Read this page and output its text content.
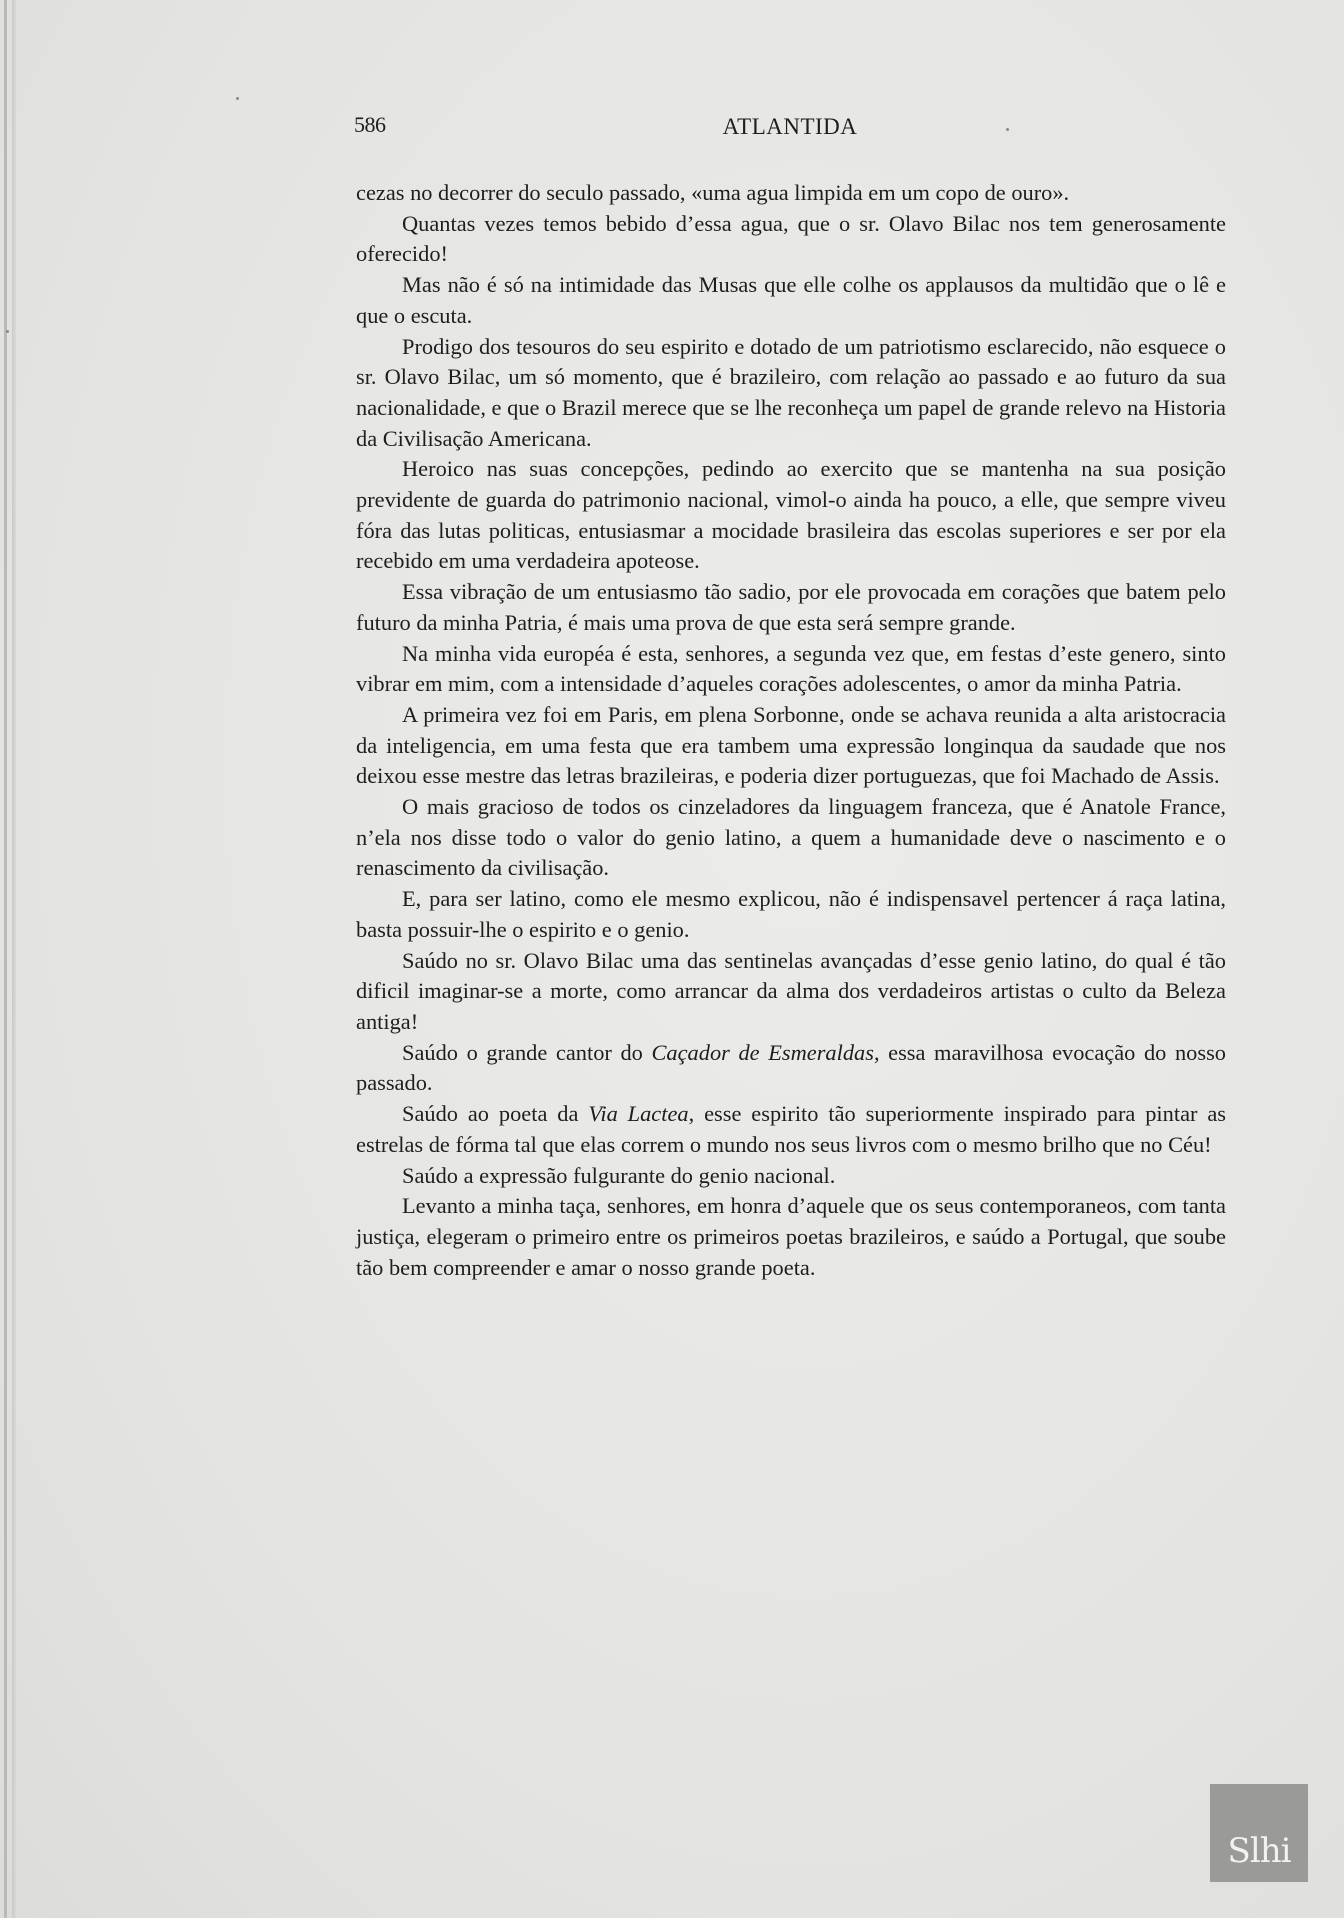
586	ATLANTIDA

cezas no decorrer do seculo passado, «uma agua limpida em um copo de ouro».

Quantas vezes temos bebido d’essa agua, que o sr. Olavo Bilac nos tem generosamente oferecido!

Mas não é só na intimidade das Musas que elle colhe os applausos da multidão que o lê e que o escuta.

Prodigo dos tesouros do seu espirito e dotado de um patriotismo esclarecido, não esquece o sr. Olavo Bilac, um só momento, que é brazileiro, com relação ao passado e ao futuro da sua nacionalidade, e que o Brazil merece que se lhe reconheça um papel de grande relevo na Historia da Civilisação Americana.

Heroico nas suas concepções, pedindo ao exercito que se mantenha na sua posição previdente de guarda do patrimonio nacional, vimol-o ainda ha pouco, a elle, que sempre viveu fóra das lutas politicas, entusiasmar a mocidade brasileira das escolas superiores e ser por ela recebido em uma verdadeira apoteose.

Essa vibração de um entusiasmo tão sadio, por ele provocada em corações que batem pelo futuro da minha Patria, é mais uma prova de que esta será sempre grande.

Na minha vida européa é esta, senhores, a segunda vez que, em festas d’este genero, sinto vibrar em mim, com a intensidade d’aqueles corações adolescentes, o amor da minha Patria.

A primeira vez foi em Paris, em plena Sorbonne, onde se achava reunida a alta aristocracia da inteligencia, em uma festa que era tambem uma expressão longinqua da saudade que nos deixou esse mestre das letras brazileiras, e poderia dizer portuguezas, que foi Machado de Assis.

O mais gracioso de todos os cinzeladores da linguagem franceza, que é Anatole France, n’ela nos disse todo o valor do genio latino, a quem a humanidade deve o nascimento e o renascimento da civilisação.

E, para ser latino, como ele mesmo explicou, não é indispensavel pertencer á raça latina, basta possuir-lhe o espirito e o genio.

Saúdo no sr. Olavo Bilac uma das sentinelas avançadas d’esse genio latino, do qual é tão dificil imaginar-se a morte, como arrancar da alma dos verdadeiros artistas o culto da Beleza antiga!

Saúdo o grande cantor do Caçador de Esmeraldas, essa maravilhosa evocação do nosso passado.

Saúdo ao poeta da Via Lactea, esse espirito tão superiormente inspirado para pintar as estrelas de fórma tal que elas correm o mundo nos seus livros com o mesmo brilho que no Céu!

Saúdo a expressão fulgurante do genio nacional.

Levanto a minha taça, senhores, em honra d’aquele que os seus contemporaneos, com tanta justiça, elegeram o primeiro entre os primeiros poetas brazileiros, e saúdo a Portugal, que soube tão bem compreender e amar o nosso grande poeta.

Slhi
